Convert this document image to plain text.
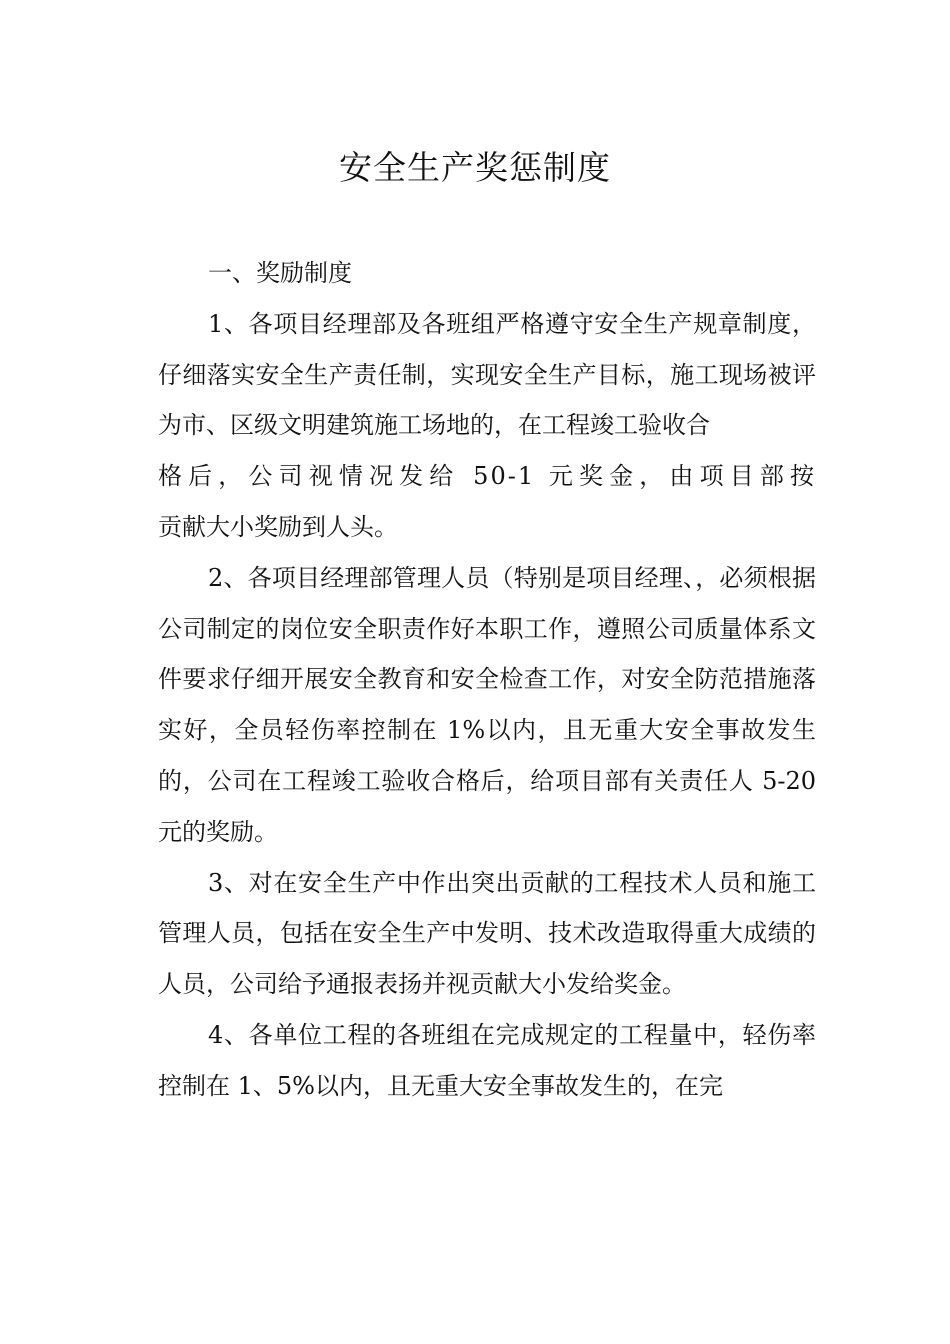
安全生产奖惩制度

一、奖励制度

1、各项目经理部及各班组严格遵守安全生产规章制度，仔细落实安全生产责任制，实现安全生产目标，施工现场被评为市、区级文明建筑施工场地的，在工程竣工验收合

格后，公司视情况发给 50-1 元奖金，由项目部按

贡献大小奖励到人头。

2、各项目经理部管理人员（特别是项目经理、，必须根据公司制定的岗位安全职责作好本职工作，遵照公司质量体系文件要求仔细开展安全教育和安全检查工作，对安全防范措施落实好，全员轻伤率控制在 1%以内，且无重大安全事故发生的，公司在工程竣工验收合格后，给项目部有关责任人 5-20 元的奖励。

3、对在安全生产中作出突出贡献的工程技术人员和施工管理人员，包括在安全生产中发明、技术改造取得重大成绩的人员，公司给予通报表扬并视贡献大小发给奖金。

4、各单位工程的各班组在完成规定的工程量中，轻伤率控制在 1、5%以内，且无重大安全事故发生的，在完
